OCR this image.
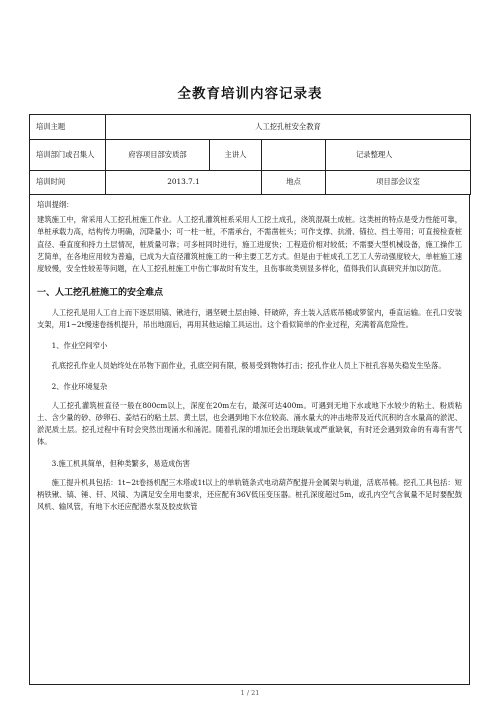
全教育培训内容记录表
培训主题	人工挖孔桩安全教育			
培训部门或召集人	府容项目部安质部	主讲人		记录整理人
培训时间	2013.7.1		地点	项目部会议室

培训提纲：

建筑施工中，常采用人工挖孔桩施工作业。人工挖孔灌筑桩系采用人工挖土成孔，浇筑混凝土成桩。这类桩的特点是受力性能可靠，单桩承载力高，结构传力明确，沉降量小；可一柱一桩，不需承台，不需凿桩头；可作支撑、抗滑、锚拉、挡土等用；可直接检查桩直径、垂直度和持力土层情况，桩质量可靠；可多桩同时进行，施工进度快；工程造价相对较低；不需要大型机械设备，施工操作工艺简单，在各地应用较为普遍，已成为大直径灌筑桩施工的一种主要工艺方式。但是由于桩成孔工艺工人劳动强度较大，单桩施工速度较慢，安全性较差等问题，在人工挖孔桩施工中伤亡事故时有发生，且伤事故类别显多样化，值得我们认真研究并加以防范。

一、人工挖孔桩施工的安全难点

人工挖孔是用人工自上而下逐层用镐、锹进行，遇坚硬土层由锤、钎破碎，弃土装入活底吊桶或箩筐内，垂直运输。在孔口安装支架，用1~2t慢速卷扬机提升，吊出地面后，再用其他运输工具运出。这个看似简单的作业过程，充满着高危险性。

1、作业空间窄小

孔底挖孔作业人员始终处在吊物下面作业，孔底空间有限，极易受到物体打击；挖孔作业人员上下桩孔容易失稳发生坠落。

2、作业环境复杂

人工挖孔灌筑桩直径一般在800cm以上，深度在20m左右，最深可达400m。可遇到无地下水或地下水较少的粘土、粉质粘土、含少量的砂、砂卵石、姜结石的粘土层、黄土层，也会遇到地下水位较高、涌水量大的冲击地带及近代沉积的含水量高的淤泥、淤泥质土层。挖孔过程中有时会突然出现涌水和涌泥。随着孔深的增加还会出现缺氧或严重缺氧，有时还会遇到致命的有毒有害气体。

3.施工机具简单，但种类繁多，易造成伤害

施工提升机具包括：1t~2t卷扬机配三木塔或1t以上的单轨链条式电动葫芦配提升金属架与轨道，活底吊桶。挖孔工具包括：短柄铁锹、镐、锤、钎、风镐、为满足安全用电要求，还应配有36V低压变压器。桩孔深度超过5m，或孔内空气含氧量不足时要配鼓风机、输风管，有地下水还应配潜水泵及胶皮软管

1 / 21
